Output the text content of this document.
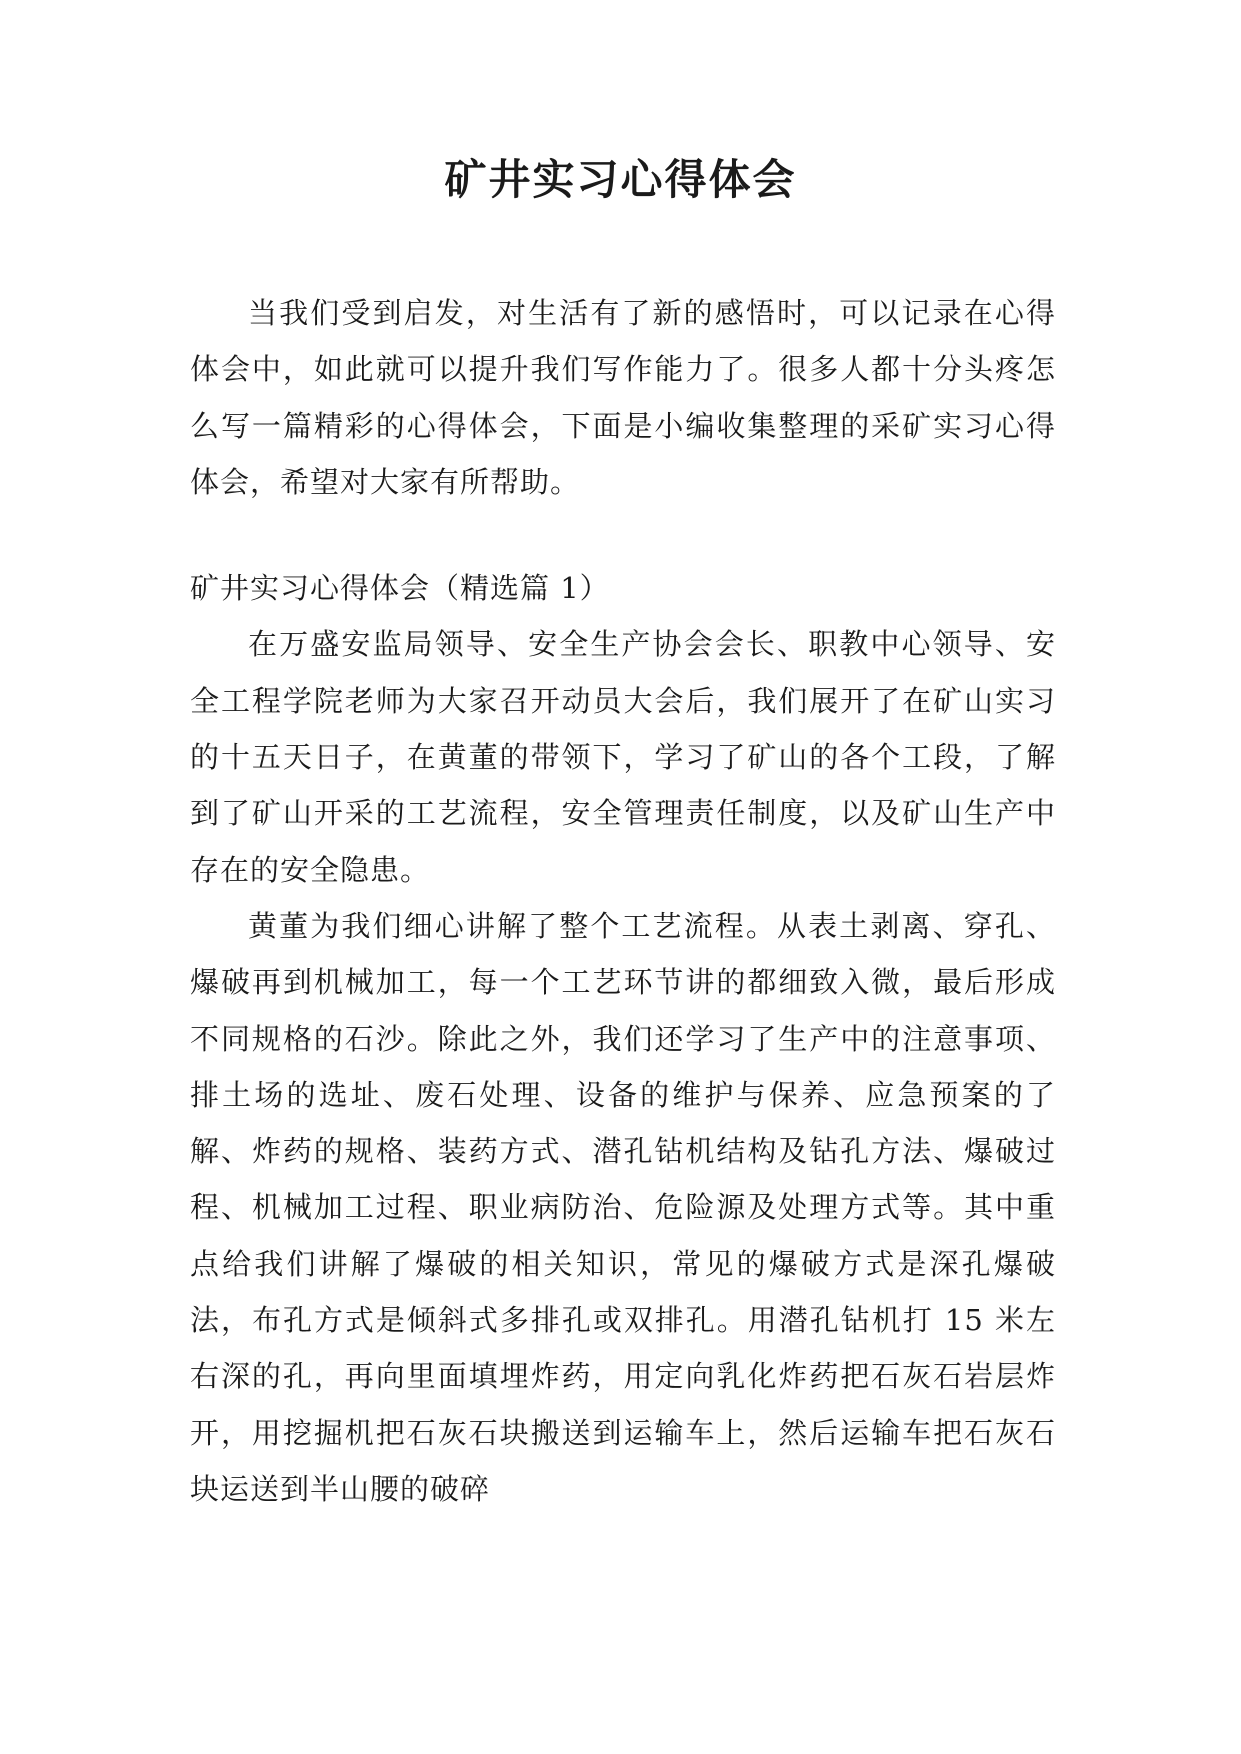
矿井实习心得体会

当我们受到启发，对生活有了新的感悟时，可以记录在心得体会中，如此就可以提升我们写作能力了。很多人都十分头疼怎么写一篇精彩的心得体会，下面是小编收集整理的采矿实习心得体会，希望对大家有所帮助。

矿井实习心得体会（精选篇 1）

在万盛安监局领导、安全生产协会会长、职教中心领导、安全工程学院老师为大家召开动员大会后，我们展开了在矿山实习的十五天日子，在黄董的带领下，学习了矿山的各个工段，了解到了矿山开采的工艺流程，安全管理责任制度，以及矿山生产中存在的安全隐患。

黄董为我们细心讲解了整个工艺流程。从表土剥离、穿孔、爆破再到机械加工，每一个工艺环节讲的都细致入微，最后形成不同规格的石沙。除此之外，我们还学习了生产中的注意事项、排土场的选址、废石处理、设备的维护与保养、应急预案的了解、炸药的规格、装药方式、潜孔钻机结构及钻孔方法、爆破过程、机械加工过程、职业病防治、危险源及处理方式等。其中重点给我们讲解了爆破的相关知识，常见的爆破方式是深孔爆破法，布孔方式是倾斜式多排孔或双排孔。用潜孔钻机打 15 米左右深的孔，再向里面填埋炸药，用定向乳化炸药把石灰石岩层炸开，用挖掘机把石灰石块搬送到运输车上，然后运输车把石灰石块运送到半山腰的破碎
